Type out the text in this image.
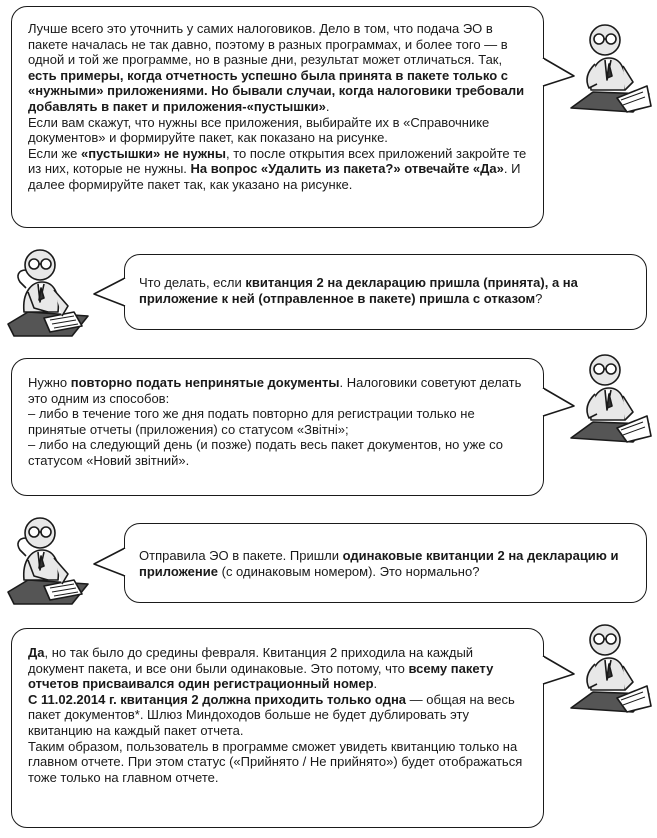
Лучше всего это уточнить у самих налоговиков. Дело в том, что подача ЭО в пакете началась не так давно, поэтому в разных программах, и более того — в одной и той же программе, но в разные дни, результат может отличаться. Так, есть примеры, когда отчетность успешно была принята в пакете только с «нужными» приложениями. Но бывали случаи, когда налоговики требовали добавлять в пакет и приложения-«пустышки».

Если вам скажут, что нужны все приложения, выбирайте их в «Справочнике документов» и формируйте пакет, как показано на рисунке.

Если же «пустышки» не нужны, то после открытия всех приложений закройте те из них, которые не нужны. На вопрос «Удалить из пакета?» отвечайте «Да». И далее формируйте пакет так, как указано на рисунке.

Что делать, если квитанция 2 на декларацию пришла (принята), а на приложение к ней (отправленное в пакете) пришла с отказом?

Нужно повторно подать непринятые документы. Налоговики советуют делать это одним из способов:

– либо в течение того же дня подать повторно для регистрации только не принятые отчеты (приложения) со статусом «Звітні»;

– либо на следующий день (и позже) подать весь пакет документов, но уже со статусом «Новий звітний».

Отправила ЭО в пакете. Пришли одинаковые квитанции 2 на декларацию и приложение (с одинаковым номером). Это нормально?

Да, но так было до средины февраля. Квитанция 2 приходила на каждый документ пакета, и все они были одинаковые. Это потому, что всему пакету отчетов присваивался один регистрационный номер.

С 11.02.2014 г. квитанция 2 должна приходить только одна — общая на весь пакет документов*. Шлюз Миндоходов больше не будет дублировать эту квитанцию на каждый пакет отчета.

Таким образом, пользователь в программе сможет увидеть квитанцию только на главном отчете. При этом статус («Прийнято / Не прийнято») будет отображаться тоже только на главном отчете.
